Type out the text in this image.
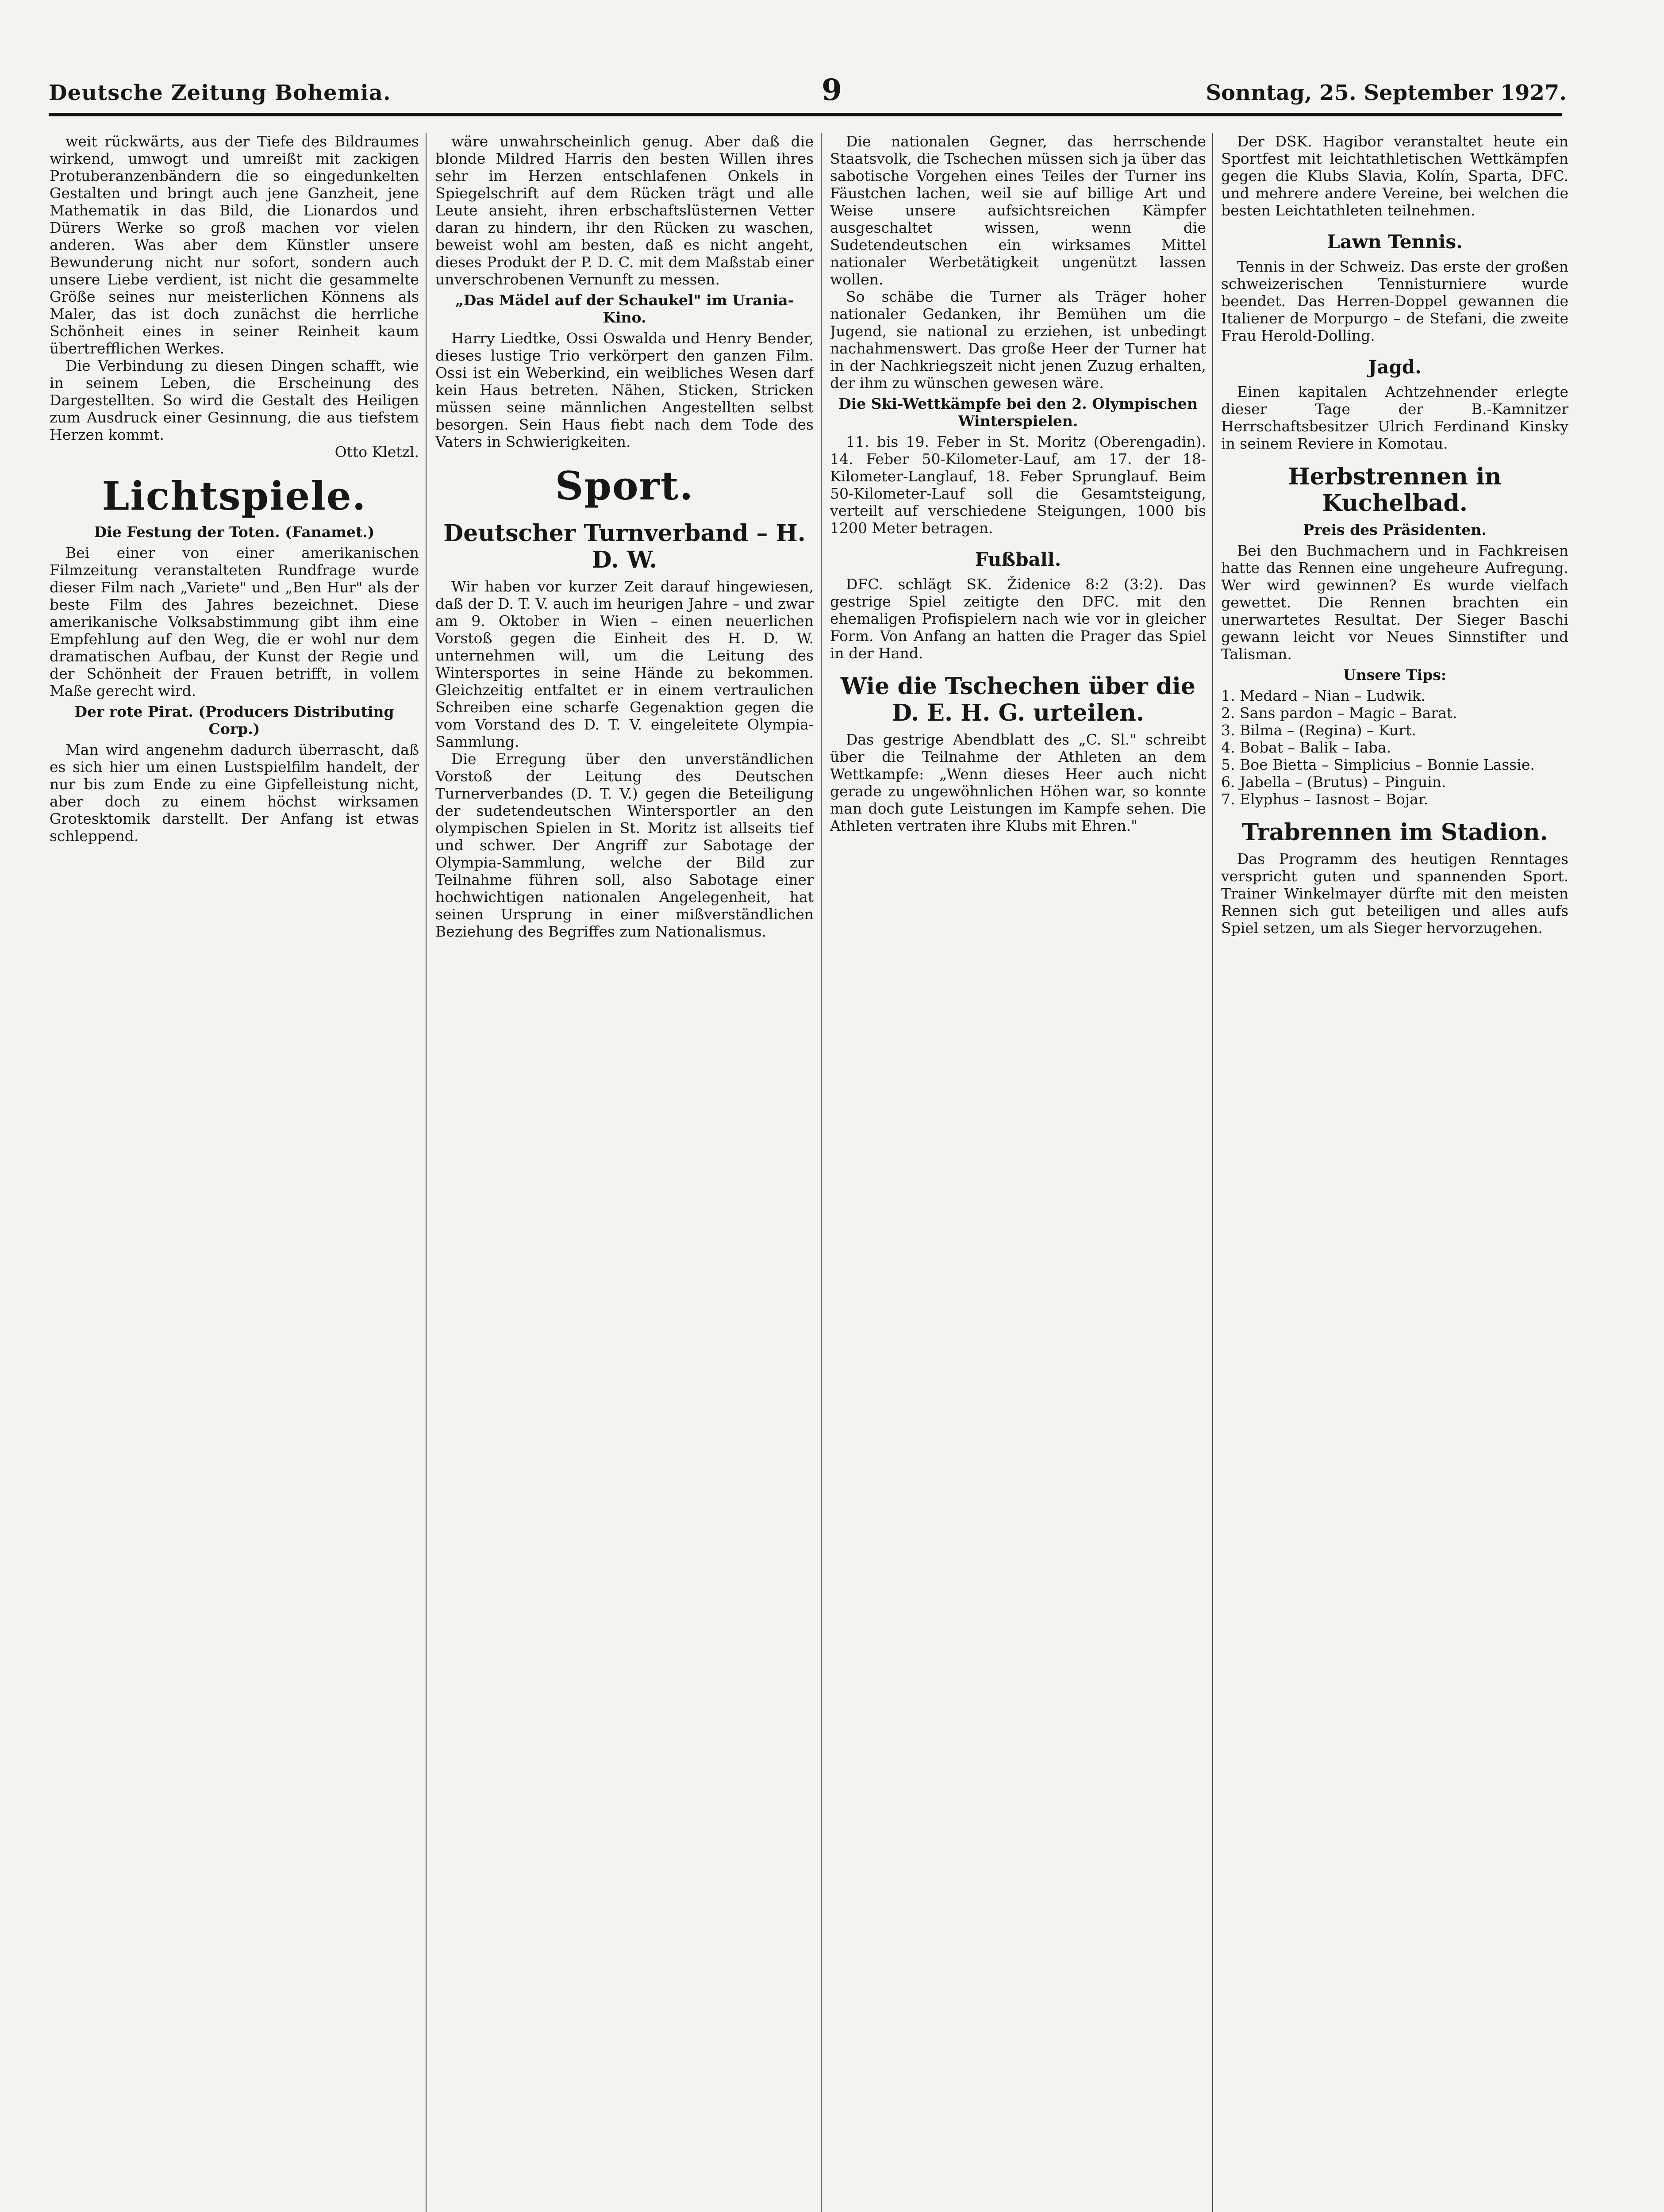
Deutsche Zeitung Bohemia.	9	Sonntag, 25. September 1927.

weit rückwärts, aus der Tiefe des Bildraumes wirkend, umwogt und umreißt mit zackigen Protuberanzenbändern die so eingedunkelten Gestalten und bringt auch jene Ganzheit, jene Mathematik in das Bild, die Lionardos und Dürers Werke so groß machen vor vielen anderen. Was aber dem Künstler unsere Bewunderung nicht nur sofort, sondern auch unsere Liebe verdient, ist nicht die gesammelte Größe seines nur meisterlichen Könnens als Maler, das ist doch zunächst die herrliche Schönheit eines in seiner Reinheit kaum übertrefflichen Werkes.

Die Verbindung zu diesen Dingen schafft, wie in seinem Leben, die Erscheinung des Dargestellten. So wird die Gestalt des Heiligen zum Ausdruck einer Gesinnung, die aus tiefstem Herzen kommt.

Otto Kletzl.

Lichtspiele.
Die Festung der Toten. (Fanamet.)

Bei einer von einer amerikanischen Filmzeitung veranstalteten Rundfrage wurde dieser Film nach „Variete" und „Ben Hur" als der beste Film des Jahres bezeichnet. Diese amerikanische Volksabstimmung gibt ihm eine Empfehlung auf den Weg, die er wohl nur dem dramatischen Aufbau, der Kunst der Regie und der Schönheit der Frauen betrifft, in vollem Maße gerecht wird.

Der rote Pirat. (Producers Distributing Corp.)

Man wird angenehm dadurch überrascht, daß es sich hier um einen Lustspielfilm handelt, der nur bis zum Ende zu eine Gipfelleistung nicht, aber doch zu einem höchst wirksamen Grotesktomik darstellt. Der Anfang ist etwas schleppend.

wäre unwahrscheinlich genug. Aber daß die blonde Mildred Harris den besten Willen ihres sehr im Herzen entschlafenen Onkels in Spiegelschrift auf dem Rücken trägt und alle Leute ansieht, ihren erbschaftslüsternen Vetter daran zu hindern, ihr den Rücken zu waschen, beweist wohl am besten, daß es nicht angeht, dieses Produkt der P. D. C. mit dem Maßstab einer unverschrobenen Vernunft zu messen.

„Das Mädel auf der Schaukel" im Urania-Kino.

Harry Liedtke, Ossi Oswalda und Henry Bender, dieses lustige Trio verkörpert den ganzen Film. Ossi ist ein Weberkind, ein weibliches Wesen darf kein Haus betreten. Nähen, Sticken, Stricken müssen seine männlichen Angestellten selbst besorgen. Sein Haus fiebt nach dem Tode des Vaters in Schwierigkeiten.

Sport.
Deutscher Turnverband – H. D. W.

Wir haben vor kurzer Zeit darauf hingewiesen, daß der D. T. V. auch im heurigen Jahre – und zwar am 9. Oktober in Wien – einen neuerlichen Vorstoß gegen die Einheit des H. D. W. unternehmen will, um die Leitung des Wintersportes in seine Hände zu bekommen. Gleichzeitig entfaltet er in einem vertraulichen Schreiben eine scharfe Gegenaktion gegen die vom Vorstand des D. T. V. eingeleitete Olympia-Sammlung.

Die Erregung über den unverständlichen Vorstoß der Leitung des Deutschen Turnerverbandes (D. T. V.) gegen die Beteiligung der sudetendeutschen Wintersportler an den olympischen Spielen in St. Moritz ist allseits tief und schwer. Der Angriff zur Sabotage der Olympia-Sammlung, welche der Bild zur Teilnahme führen soll, also Sabotage einer hochwichtigen nationalen Angelegenheit, hat seinen Ursprung in einer mißverständlichen Beziehung des Begriffes zum Nationalismus.

Die nationalen Gegner, das herrschende Staatsvolk, die Tschechen müssen sich ja über das sabotische Vorgehen eines Teiles der Turner ins Fäustchen lachen, weil sie auf billige Art und Weise unsere aufsichtsreichen Kämpfer ausgeschaltet wissen, wenn die Sudetendeutschen ein wirksames Mittel nationaler Werbetätigkeit ungenützt lassen wollen.

So schäbe die Turner als Träger hoher nationaler Gedanken, ihr Bemühen um die Jugend, sie national zu erziehen, ist unbedingt nachahmenswert. Das große Heer der Turner hat in der Nachkriegszeit nicht jenen Zuzug erhalten, der ihm zu wünschen gewesen wäre.

Die Ski-Wettkämpfe bei den 2. Olympischen Winterspielen.

11. bis 19. Feber in St. Moritz (Oberengadin). 14. Feber 50-Kilometer-Lauf, am 17. der 18-Kilometer-Langlauf, 18. Feber Sprunglauf. Beim 50-Kilometer-Lauf soll die Gesamtsteigung, verteilt auf verschiedene Steigungen, 1000 bis 1200 Meter betragen.

Fußball.

DFC. schlägt SK. Židenice 8:2 (3:2). Das gestrige Spiel zeitigte den DFC. mit den ehemaligen Profispielern nach wie vor in gleicher Form. Von Anfang an hatten die Prager das Spiel in der Hand.

Wie die Tschechen über die D. E. H. G. urteilen.

Das gestrige Abendblatt des „C. Sl." schreibt über die Teilnahme der Athleten an dem Wettkampfe: „Wenn dieses Heer auch nicht gerade zu ungewöhnlichen Höhen war, so konnte man doch gute Leistungen im Kampfe sehen. Die Athleten vertraten ihre Klubs mit Ehren."

Der DSK. Hagibor veranstaltet heute ein Sportfest mit leichtathletischen Wettkämpfen gegen die Klubs Slavia, Kolín, Sparta, DFC. und mehrere andere Vereine, bei welchen die besten Leichtathleten teilnehmen.

Lawn Tennis.

Tennis in der Schweiz. Das erste der großen schweizerischen Tennisturniere wurde beendet. Das Herren-Doppel gewannen die Italiener de Morpurgo – de Stefani, die zweite Frau Herold-Dolling.

Jagd.

Einen kapitalen Achtzehnender erlegte dieser Tage der B.-Kamnitzer Herrschaftsbesitzer Ulrich Ferdinand Kinsky in seinem Reviere in Komotau.

Herbstrennen in Kuchelbad.
Preis des Präsidenten.

Bei den Buchmachern und in Fachkreisen hatte das Rennen eine ungeheure Aufregung. Wer wird gewinnen? Es wurde vielfach gewettet. Die Rennen brachten ein unerwartetes Resultat. Der Sieger Baschi gewann leicht vor Neues Sinnstifter und Talisman.

Unsere Tips:

1. Medard – Nian – Ludwik.

2. Sans pardon – Magic – Barat.

3. Bilma – (Regina) – Kurt.

4. Bobat – Balik – Iaba.

5. Boe Bietta – Simplicius – Bonnie Lassie.

6. Jabella – (Brutus) – Pinguin.

7. Elyphus – Iasnost – Bojar.

Trabrennen im Stadion.

Das Programm des heutigen Renntages verspricht guten und spannenden Sport. Trainer Winkelmayer dürfte mit den meisten Rennen sich gut beteiligen und alles aufs Spiel setzen, um als Sieger hervorzugehen.
